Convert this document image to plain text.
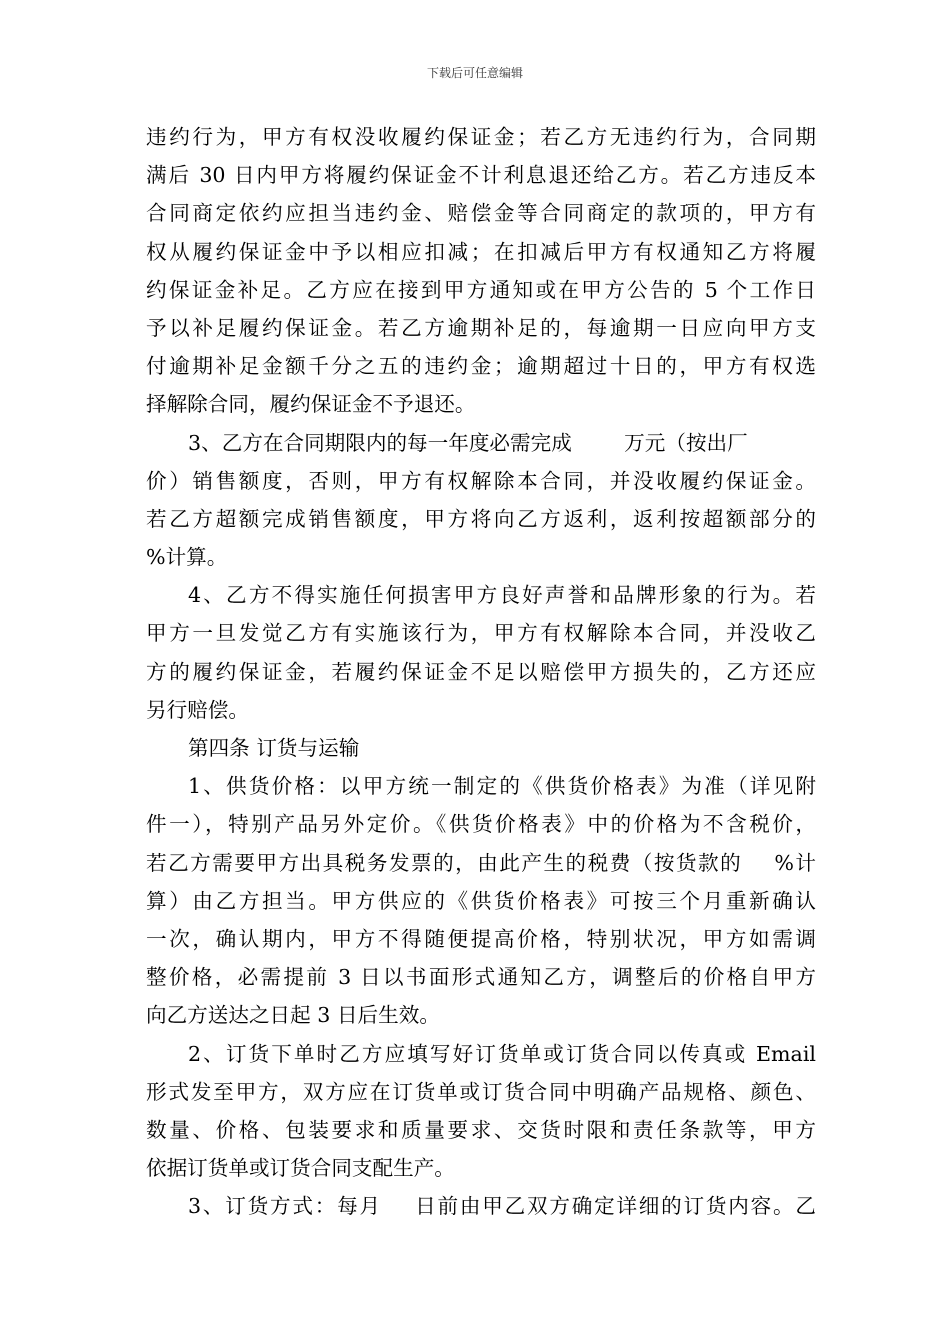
下载后可任意编辑
违约行为，甲方有权没收履约保证金；若乙方无违约行为，合同期
满后 30 日内甲方将履约保证金不计利息退还给乙方。若乙方违反本
合同商定依约应担当违约金、赔偿金等合同商定的款项的，甲方有
权从履约保证金中予以相应扣减；在扣减后甲方有权通知乙方将履
约保证金补足。乙方应在接到甲方通知或在甲方公告的 5 个工作日
予以补足履约保证金。若乙方逾期补足的，每逾期一日应向甲方支
付逾期补足金额千分之五的违约金；逾期超过十日的，甲方有权选
择解除合同，履约保证金不予退还。
3、乙方在合同期限内的每一年度必需完成        万元（按出厂
价）销售额度，否则，甲方有权解除本合同，并没收履约保证金。
若乙方超额完成销售额度，甲方将向乙方返利，返利按超额部分的
%计算。
4、乙方不得实施任何损害甲方良好声誉和品牌形象的行为。若
甲方一旦发觉乙方有实施该行为，甲方有权解除本合同，并没收乙
方的履约保证金，若履约保证金不足以赔偿甲方损失的，乙方还应
另行赔偿。
第四条 订货与运输
1、供货价格：以甲方统一制定的《供货价格表》为准（详见附
件一），特别产品另外定价。《供货价格表》中的价格为不含税价，
若乙方需要甲方出具税务发票的，由此产生的税费（按货款的    %计
算）由乙方担当。甲方供应的《供货价格表》可按三个月重新确认
一次，确认期内，甲方不得随便提高价格，特别状况，甲方如需调
整价格，必需提前 3 日以书面形式通知乙方，调整后的价格自甲方
向乙方送达之日起 3 日后生效。
2、订货下单时乙方应填写好订货单或订货合同以传真或 Email
形式发至甲方，双方应在订货单或订货合同中明确产品规格、颜色、
数量、价格、包装要求和质量要求、交货时限和责任条款等，甲方
依据订货单或订货合同支配生产。
3、订货方式：每月    日前由甲乙双方确定详细的订货内容。乙
